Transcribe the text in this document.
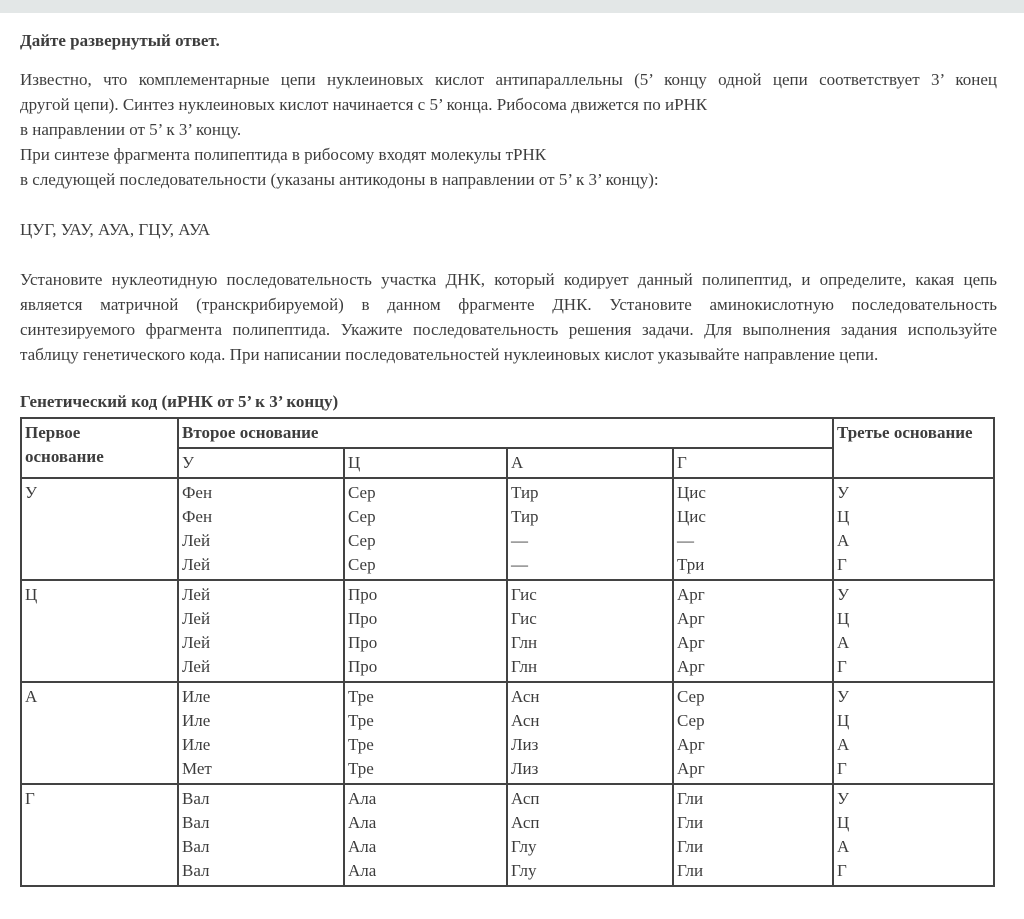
Дайте развернутый ответ.
Известно, что комплементарные цепи нуклеиновых кислот антипараллельны (5’ концу одной цепи соответствует 3’ конец
другой цепи). Синтез нуклеиновых кислот начинается с 5’ конца. Рибосома движется по иРНК
в направлении от 5’ к 3’ концу.
При синтезе фрагмента полипептида в рибосому входят молекулы тРНК
в следующей последовательности (указаны антикодоны в направлении от 5’ к 3’ концу):
ЦУГ, УАУ, АУА, ГЦУ, АУА
Установите нуклеотидную последовательность участка ДНК, который кодирует данный полипептид, и определите, какая цепь
является матричной (транскрибируемой) в данном фрагменте ДНК. Установите аминокислотную последовательность
синтезируемого фрагмента полипептида. Укажите последовательность решения задачи. Для выполнения задания используйте
таблицу генетического кода. При написании последовательностей нуклеиновых кислот указывайте направление цепи.
Генетический код (иРНК от 5’ к 3’ концу)
Первое
основание	Второе основание				Третье основание
	У	Ц	А	Г	
У	Фен
Фен
Лей
Лей	Сер
Сер
Сер
Сер	Тир
Тир
—
—	Цис
Цис
—
Три	У
Ц
А
Г
Ц	Лей
Лей
Лей
Лей	Про
Про
Про
Про	Гис
Гис
Глн
Глн	Арг
Арг
Арг
Арг	У
Ц
А
Г
А	Иле
Иле
Иле
Мет	Тре
Тре
Тре
Тре	Асн
Асн
Лиз
Лиз	Сер
Сер
Арг
Арг	У
Ц
А
Г
Г	Вал
Вал
Вал
Вал	Ала
Ала
Ала
Ала	Асп
Асп
Глу
Глу	Гли
Гли
Гли
Гли	У
Ц
А
Г
